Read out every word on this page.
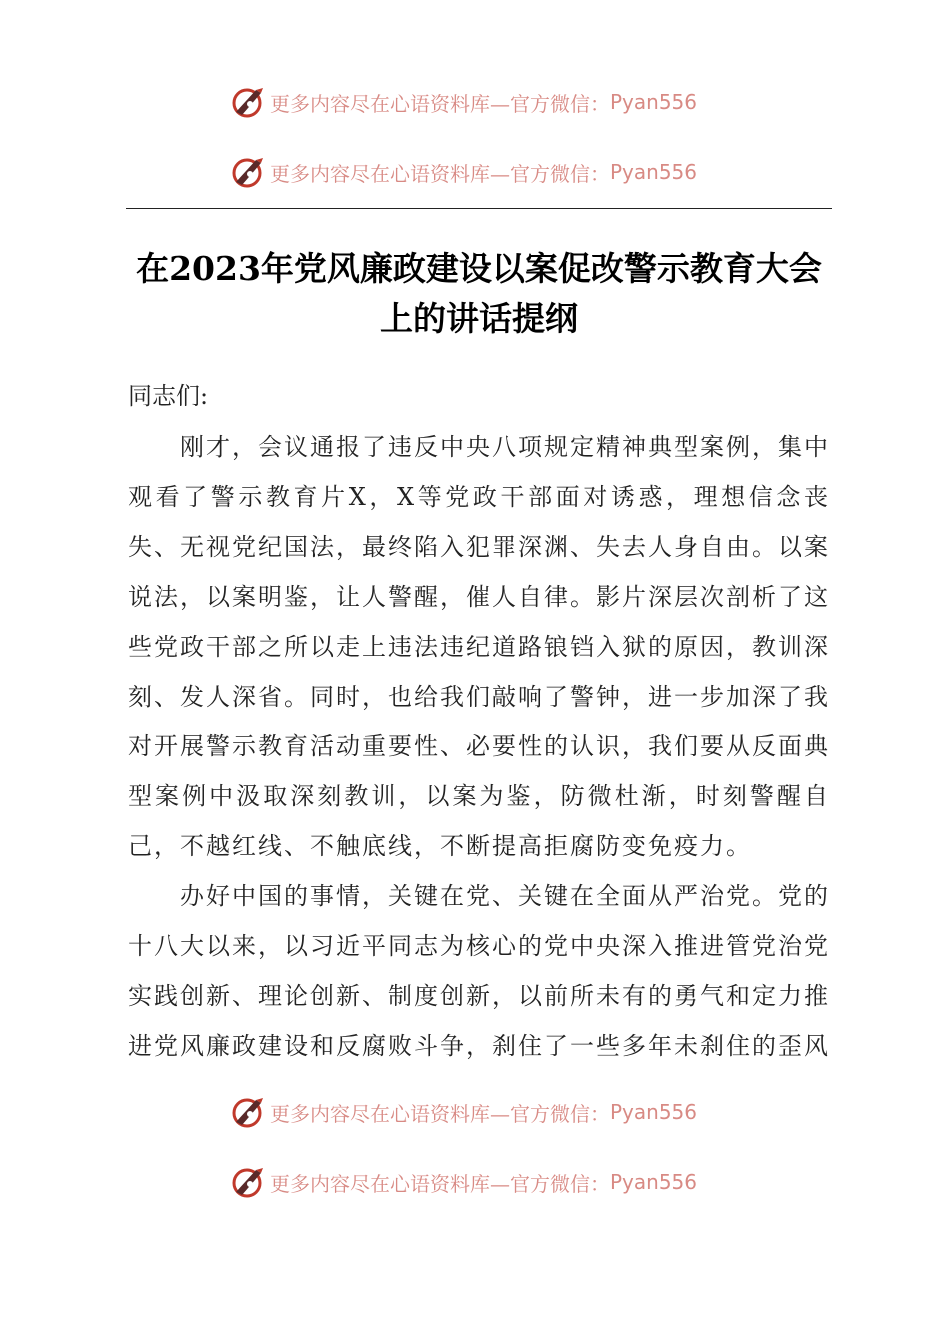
更多内容尽在心语资料库—官方微信： Pyan556
更多内容尽在心语资料库—官方微信： Pyan556
在2023年党风廉政建设以案促改警示教育大会上的讲话提纲

同志们:

刚才，会议通报了违反中央八项规定精神典型案例，集中观看了警示教育片X，X等党政干部面对诱惑，理想信念丧失、无视党纪国法，最终陷入犯罪深渊、失去人身自由。以案说法，以案明鉴，让人警醒，催人自律。影片深层次剖析了这些党政干部之所以走上违法违纪道路锒铛入狱的原因，教训深刻、发人深省。同时，也给我们敲响了警钟，进一步加深了我对开展警示教育活动重要性、必要性的认识，我们要从反面典型案例中汲取深刻教训，以案为鉴，防微杜渐，时刻警醒自己，不越红线、不触底线，不断提高拒腐防变免疫力。

办好中国的事情，关键在党、关键在全面从严治党。党的十八大以来，以习近平同志为核心的党中央深入推进管党治党实践创新、理论创新、制度创新，以前所未有的勇气和定力推进党风廉政建设和反腐败斗争，刹住了一些多年未刹住的歪风

更多内容尽在心语资料库—官方微信： Pyan556
更多内容尽在心语资料库—官方微信： Pyan556
